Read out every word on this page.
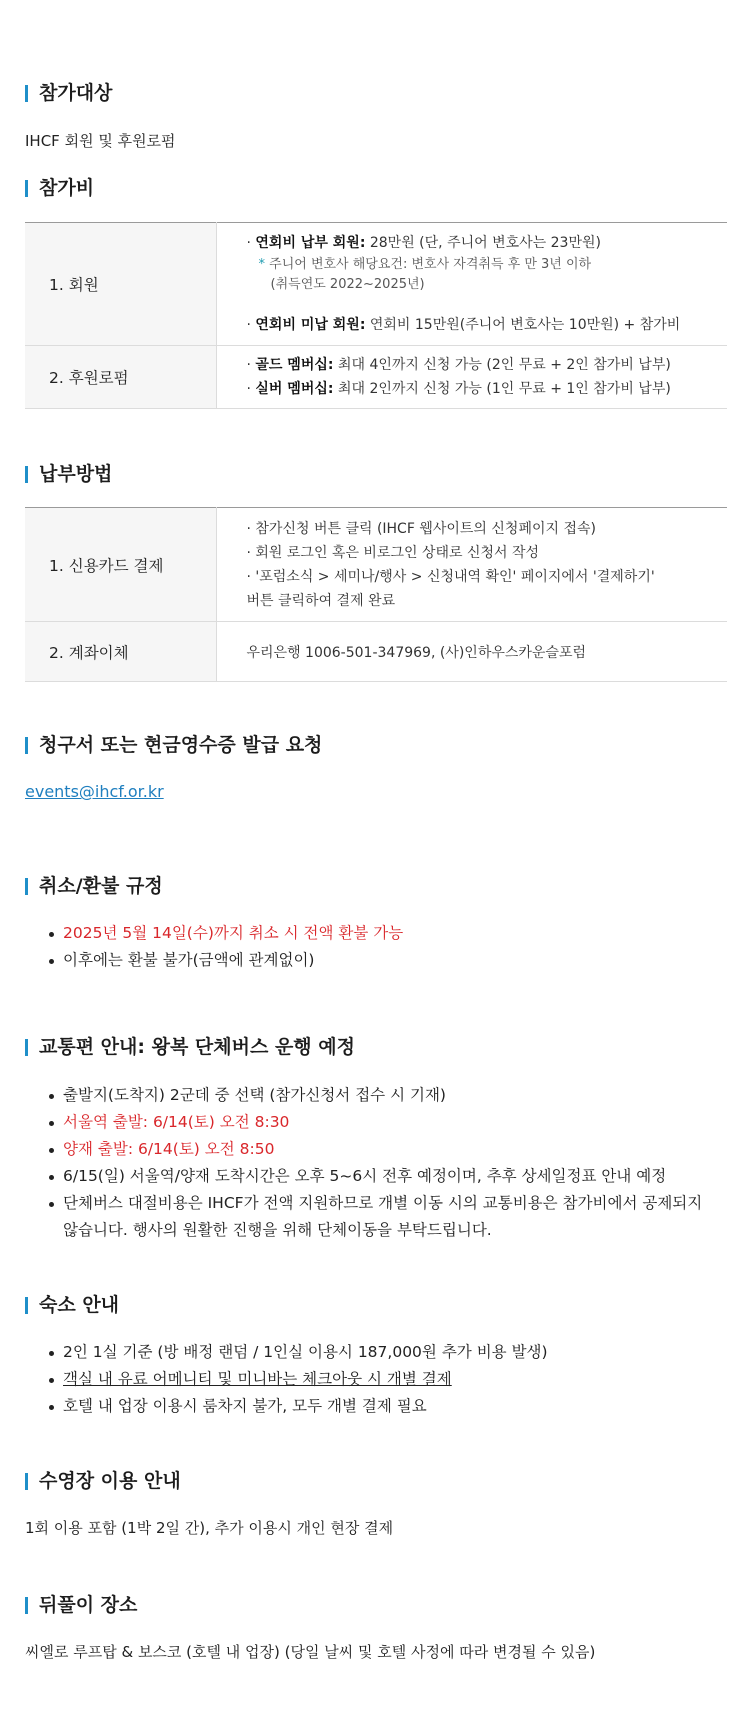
참가대상

IHCF 회원 및 후원로펌

참가비
1. 회원	· 연회비 납부 회원: 28만원 (단, 주니어 변호사는 23만원)
* 주니어 변호사 해당요건: 변호사 자격취득 후 만 3년 이하
(취득연도 2022~2025년)
· 연회비 미납 회원: 연회비 15만원(주니어 변호사는 10만원) + 참가비

2. 후원로펌	· 골드 멤버십: 최대 4인까지 신청 가능 (2인 무료 + 2인 참가비 납부)
· 실버 멤버십: 최대 2인까지 신청 가능 (1인 무료 + 1인 참가비 납부)
납부방법
1. 신용카드 결제	· 참가신청 버튼 클릭 (IHCF 웹사이트의 신청페이지 접속)
· 회원 로그인 혹은 비로그인 상태로 신청서 작성
· '포럼소식 > 세미나/행사 > 신청내역 확인' 페이지에서 '결제하기'
버튼 클릭하여 결제 완료

2. 계좌이체	우리은행 1006-501-347969, (사)인하우스카운슬포럼
청구서 또는 현금영수증 발급 요청
events@ihcf.or.kr
취소/환불 규정
2025년 5월 14일(수)까지 취소 시 전액 환불 가능
이후에는 환불 불가(금액에 관계없이)
교통편 안내: 왕복 단체버스 운행 예정
출발지(도착지) 2군데 중 선택 (참가신청서 접수 시 기재)
서울역 출발: 6/14(토) 오전 8:30
양재 출발: 6/14(토) 오전 8:50
6/15(일) 서울역/양재 도착시간은 오후 5~6시 전후 예정이며, 추후 상세일정표 안내 예정
단체버스 대절비용은 IHCF가 전액 지원하므로 개별 이동 시의 교통비용은 참가비에서 공제되지 않습니다. 행사의 원활한 진행을 위해 단체이동을 부탁드립니다.
숙소 안내
2인 1실 기준 (방 배정 랜덤 / 1인실 이용시 187,000원 추가 비용 발생)
객실 내 유료 어메니티 및 미니바는 체크아웃 시 개별 결제
호텔 내 업장 이용시 룸차지 불가, 모두 개별 결제 필요
수영장 이용 안내

1회 이용 포함 (1박 2일 간), 추가 이용시 개인 현장 결제

뒤풀이 장소

씨엘로 루프탑 & 보스코 (호텔 내 업장) (당일 날씨 및 호텔 사정에 따라 변경될 수 있음)
